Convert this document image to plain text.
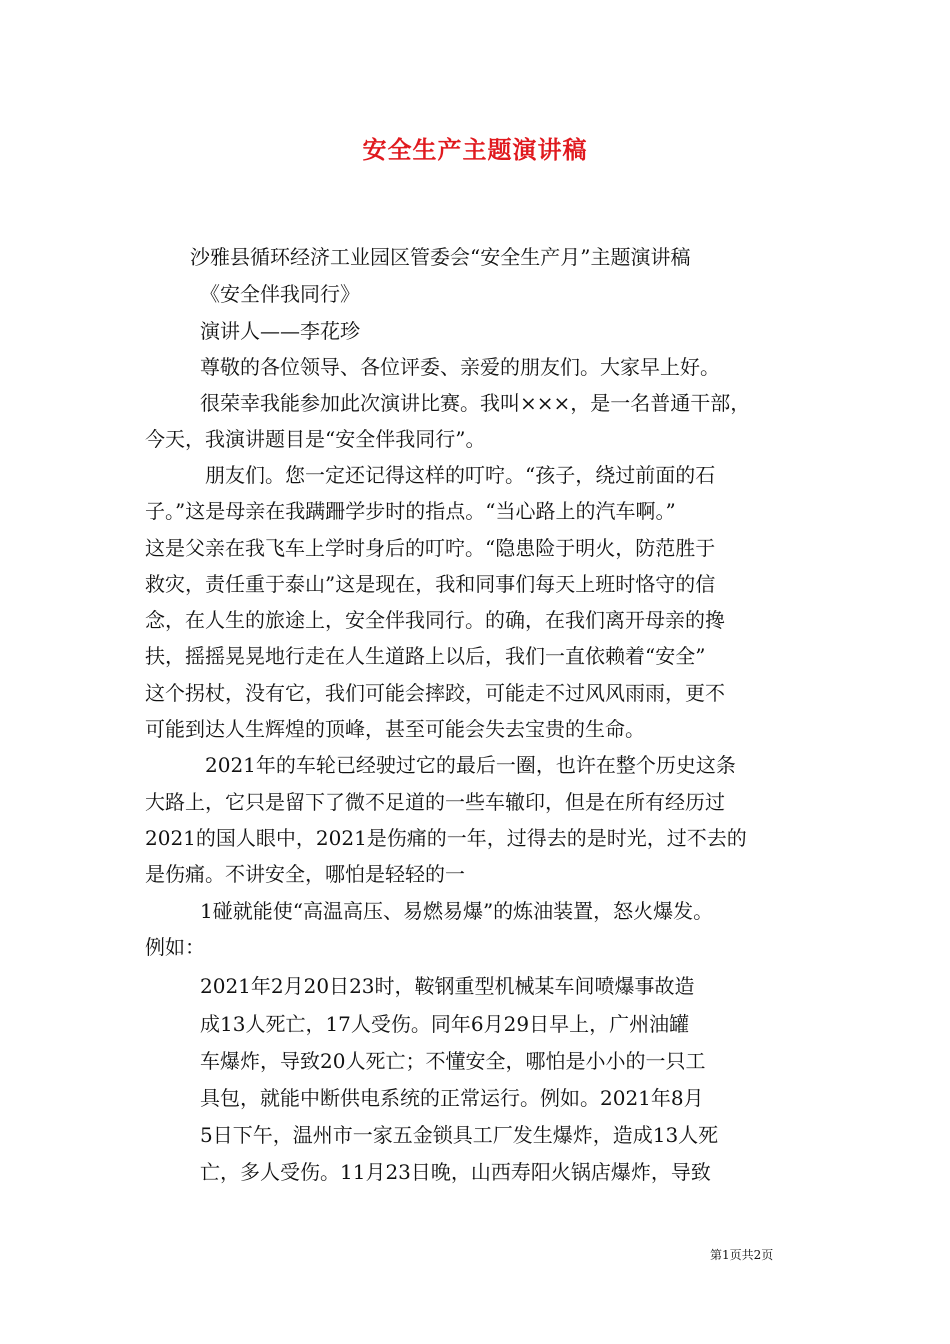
安全生产主题演讲稿

沙雅县循环经济工业园区管委会“安全生产月”主题演讲稿

《安全伴我同行》

演讲人——李花珍

尊敬的各位领导、各位评委、亲爱的朋友们。大家早上好。

很荣幸我能参加此次演讲比赛。我叫×××，是一名普通干部，

今天，我演讲题目是“安全伴我同行”。

朋友们。您一定还记得这样的叮咛。“孩子，绕过前面的石

子。”这是母亲在我蹒跚学步时的指点。“当心路上的汽车啊。”

这是父亲在我飞车上学时身后的叮咛。“隐患险于明火，防范胜于

救灾，责任重于泰山”这是现在，我和同事们每天上班时恪守的信

念，在人生的旅途上，安全伴我同行。的确，在我们离开母亲的搀

扶，摇摇晃晃地行走在人生道路上以后，我们一直依赖着“安全”

这个拐杖，没有它，我们可能会摔跤，可能走不过风风雨雨，更不

可能到达人生辉煌的顶峰，甚至可能会失去宝贵的生命。

2021年的车轮已经驶过它的最后一圈，也许在整个历史这条

大路上，它只是留下了微不足道的一些车辙印，但是在所有经历过

2021的国人眼中，2021是伤痛的一年，过得去的是时光，过不去的

是伤痛。不讲安全，哪怕是轻轻的一

1碰就能使“高温高压、易燃易爆”的炼油装置，怒火爆发。

例如：

2021年2月20日23时，鞍钢重型机械某车间喷爆事故造

成13人死亡，17人受伤。同年6月29日早上，广州油罐

车爆炸，导致20人死亡；不懂安全，哪怕是小小的一只工

具包，就能中断供电系统的正常运行。例如。2021年8月

5日下午，温州市一家五金锁具工厂发生爆炸，造成13人死

亡，多人受伤。11月23日晚，山西寿阳火锅店爆炸，导致

第1页共2页
